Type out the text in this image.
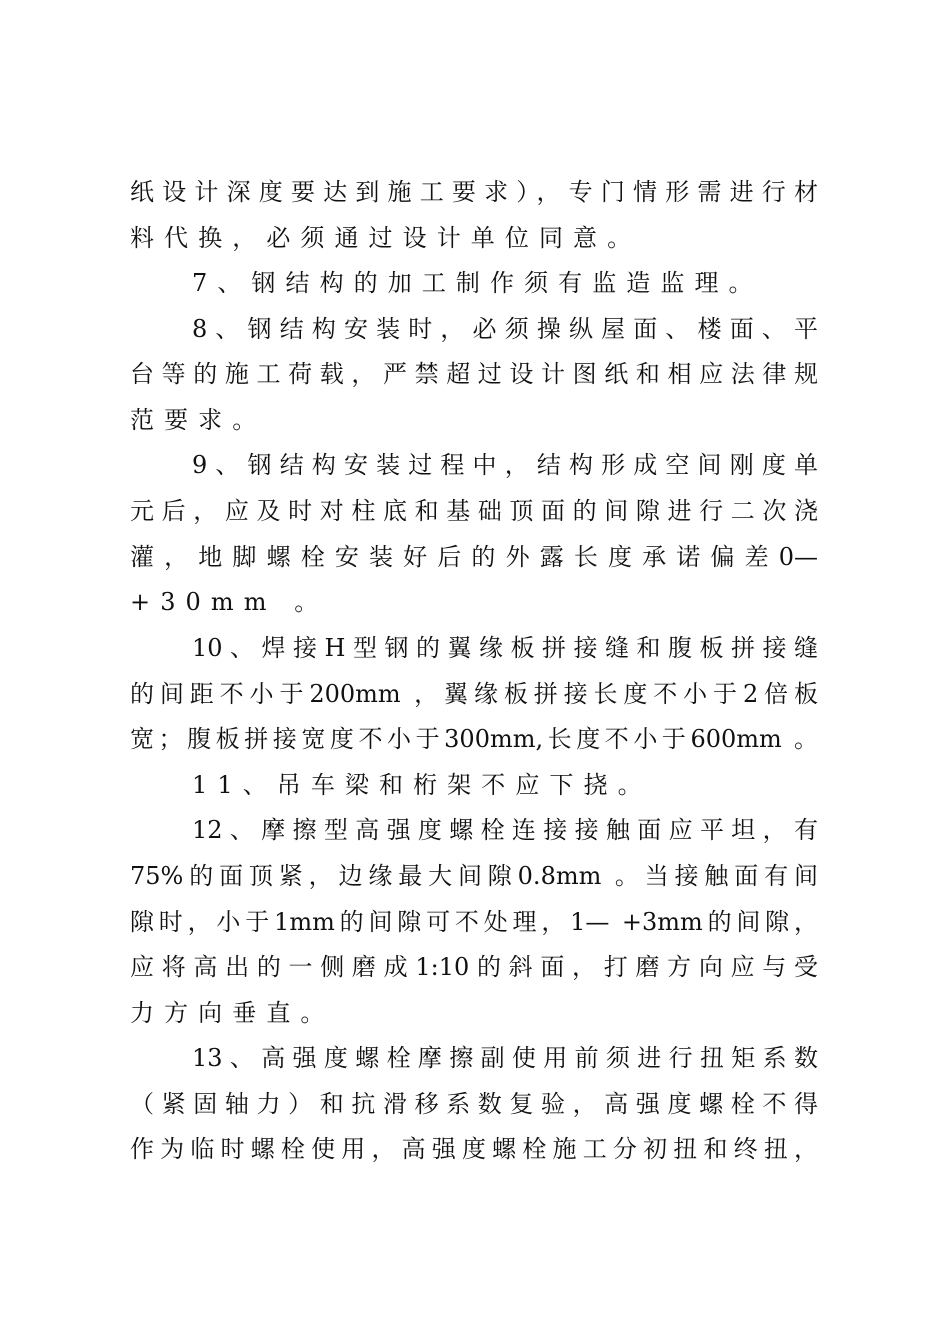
纸设计深度要达到施工要求），专门情形需进行材
料代换，必须通过设计单位同意。
7、钢结构的加工制作须有监造监理。
8、钢结构安装时，必须操纵屋面、楼面、平
台等的施工荷载，严禁超过设计图纸和相应法律规
范要求。
9、钢结构安装过程中，结构形成空间刚度单
元后，应及时对柱底和基础顶面的间隙进行二次浇
灌，地脚螺栓安装好后的外露长度承诺偏差0—
+30mm 。
10、焊接H型钢的翼缘板拼接缝和腹板拼接缝
的间距不小于200mm ，翼缘板拼接长度不小于2倍板
宽；腹板拼接宽度不小于300mm,长度不小于600mm 。
11、吊车梁和桁架不应下挠。
12、摩擦型高强度螺栓连接接触面应平坦，有
75%的面顶紧，边缘最大间隙0.8mm 。当接触面有间
隙时，小于1mm的间隙可不处理，1— +3mm的间隙，
应将高出的一侧磨成1:10的斜面，打磨方向应与受
力方向垂直。
13、高强度螺栓摩擦副使用前须进行扭矩系数
（紧固轴力）和抗滑移系数复验，高强度螺栓不得
作为临时螺栓使用，高强度螺栓施工分初扭和终扭，
